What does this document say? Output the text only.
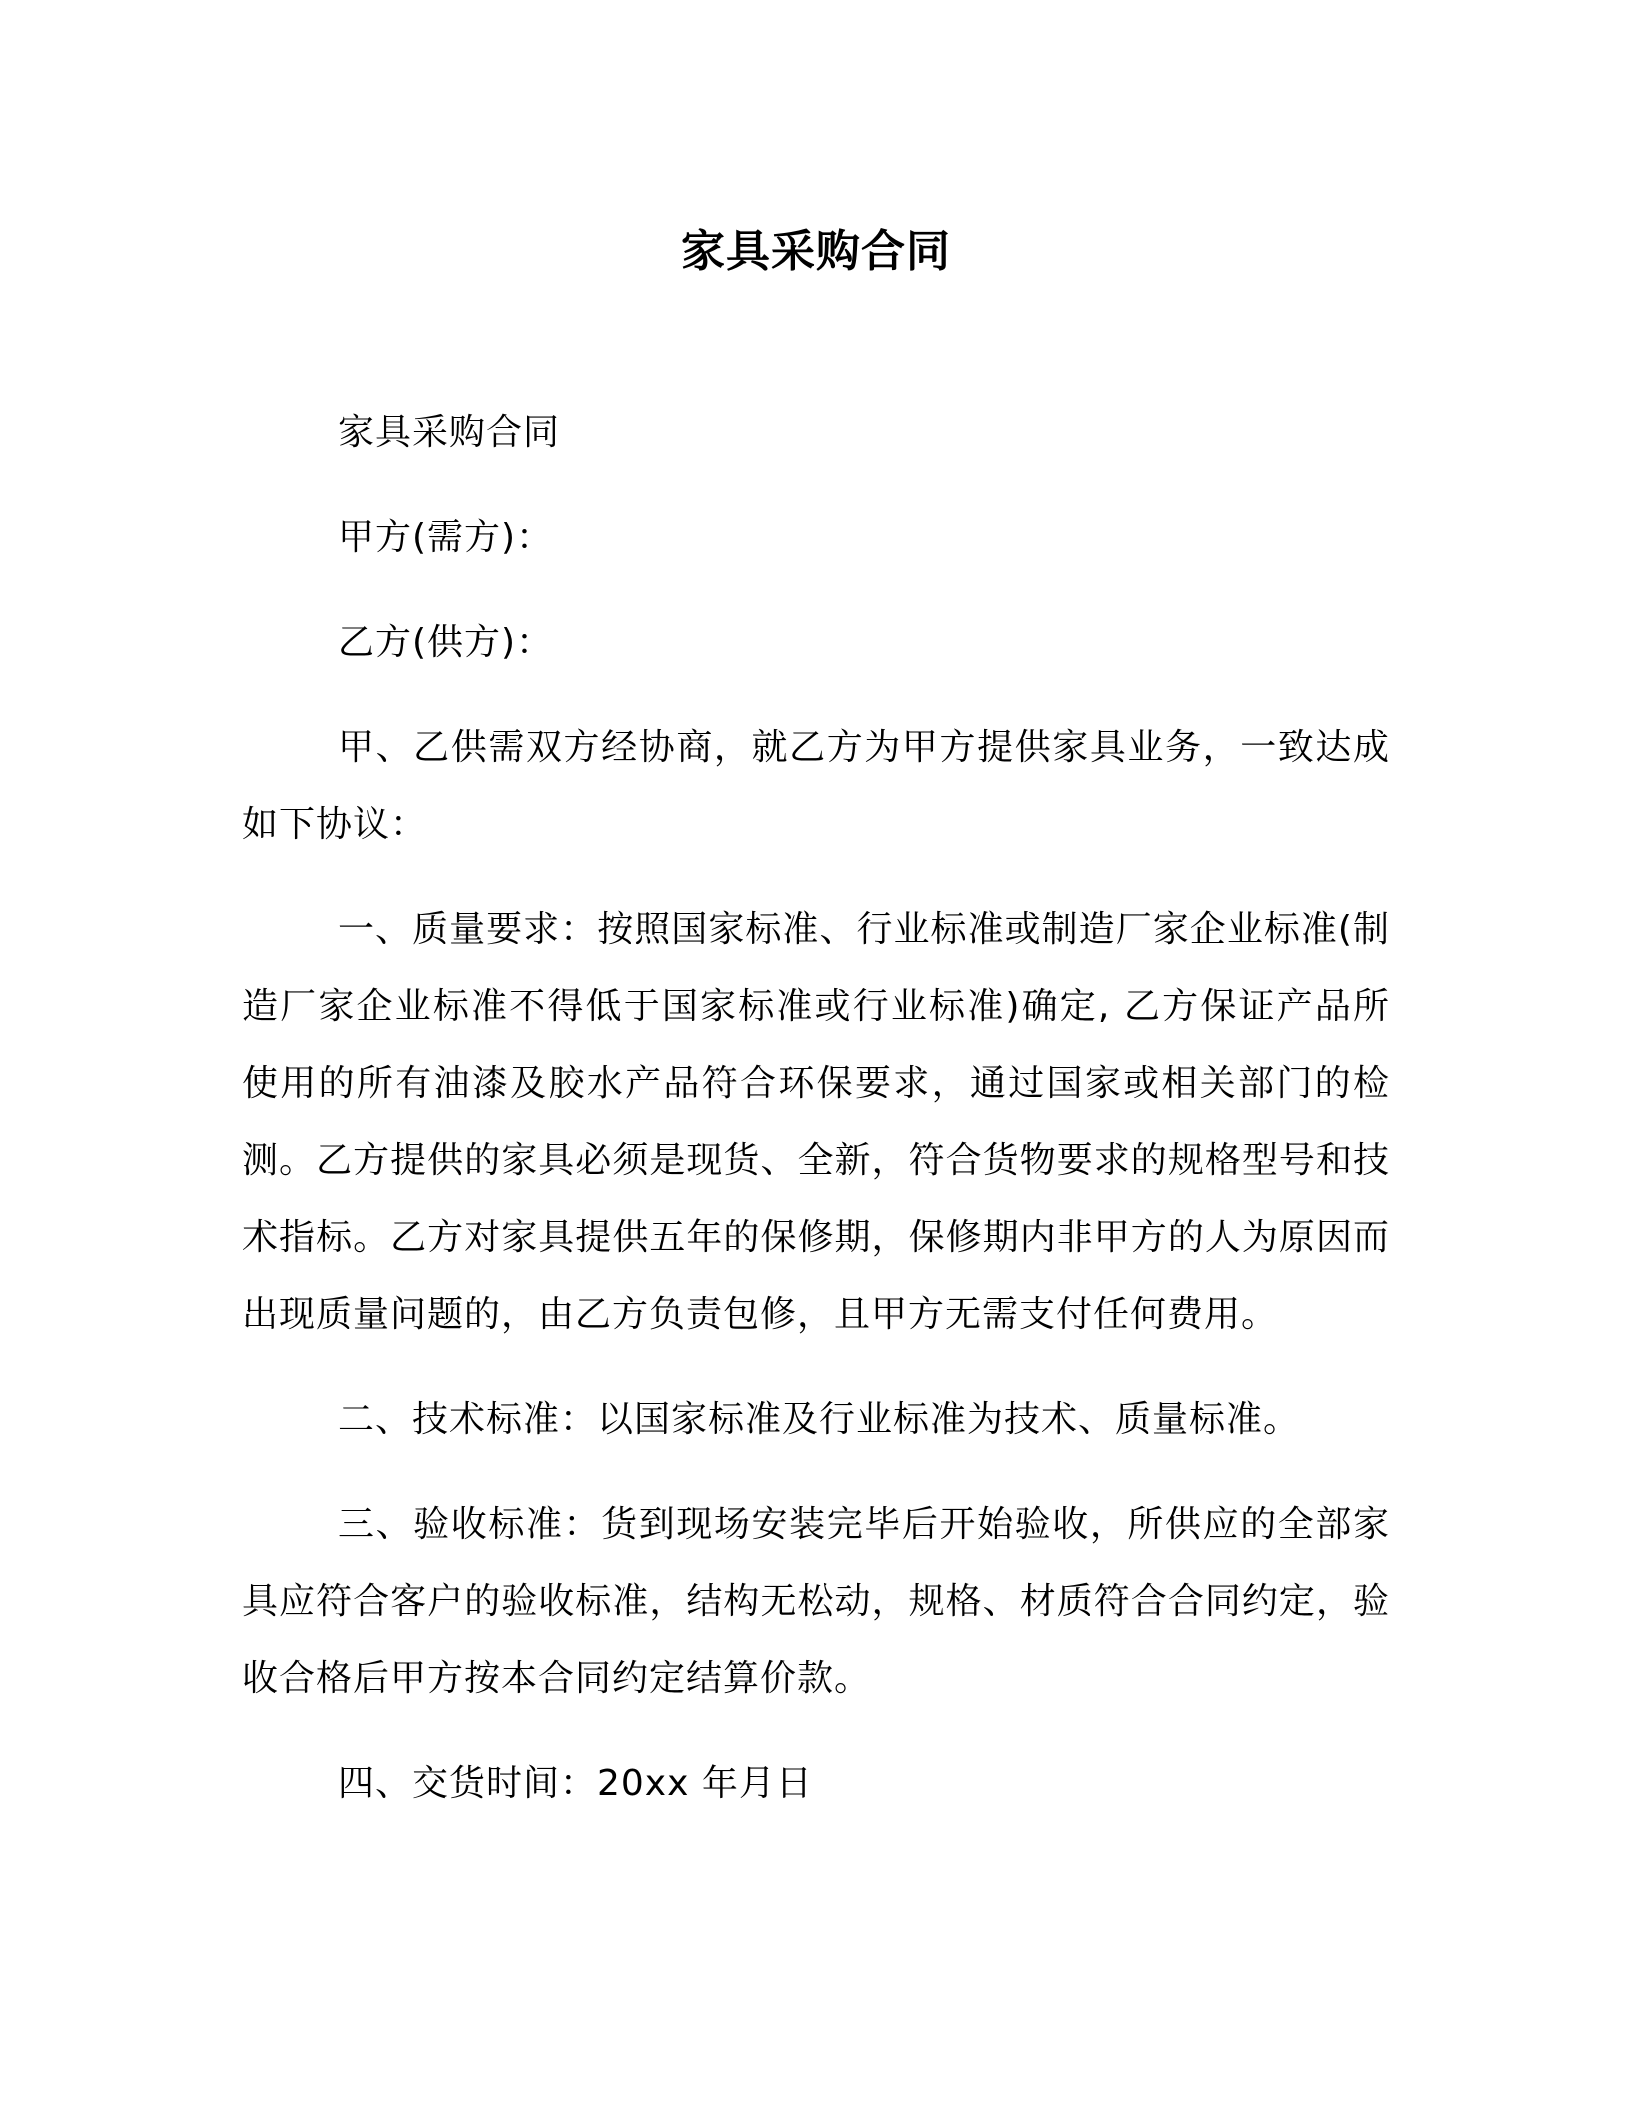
家具采购合同

家具采购合同

甲方(需方)：

乙方(供方)：

甲、乙供需双方经协商，就乙方为甲方提供家具业务，一致达成如下协议：

一、质量要求：按照国家标准、行业标准或制造厂家企业标准(制造厂家企业标准不得低于国家标准或行业标准)确定, 乙方保证产品所使用的所有油漆及胶水产品符合环保要求，通过国家或相关部门的检测。乙方提供的家具必须是现货、全新，符合货物要求的规格型号和技术指标。乙方对家具提供五年的保修期，保修期内非甲方的人为原因而出现质量问题的，由乙方负责包修，且甲方无需支付任何费用。

二、技术标准：以国家标准及行业标准为技术、质量标准。

三、验收标准：货到现场安装完毕后开始验收，所供应的全部家具应符合客户的验收标准，结构无松动，规格、材质符合合同约定，验收合格后甲方按本合同约定结算价款。

四、交货时间：20xx 年月日
